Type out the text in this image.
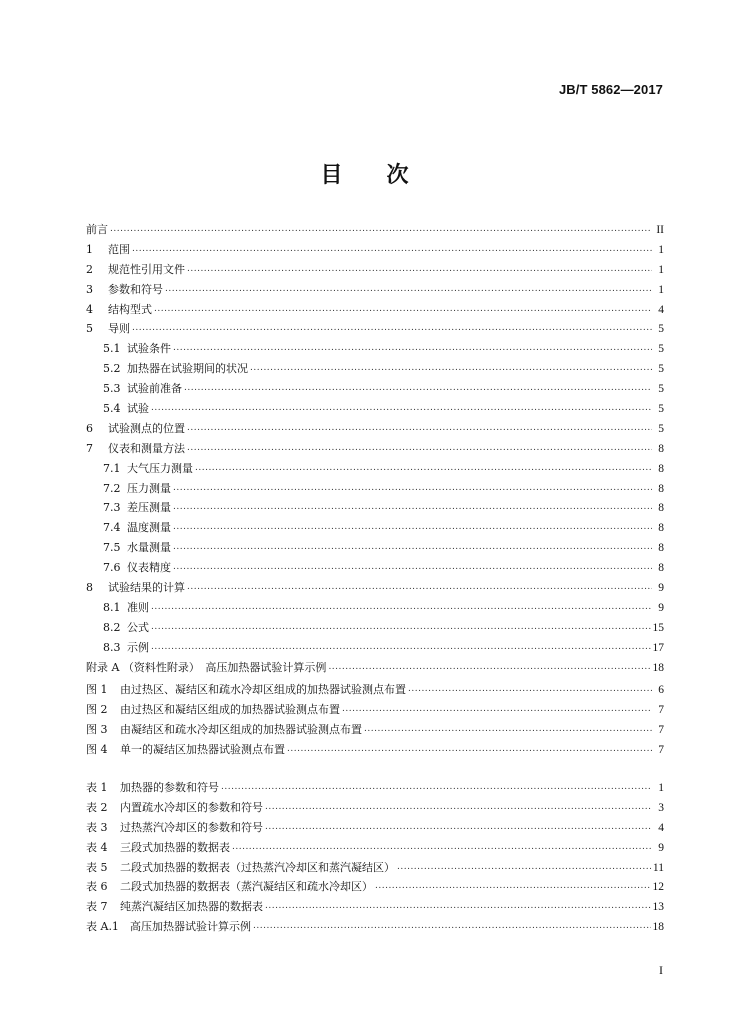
JB/T 5862—2017
目 次
前言 .....	II
1	范围 .....	1
2	规范性引用文件 .....	1
3	参数和符号 .....	1
4	结构型式 .....	4
5	导则 .....	5
5.1 试验条件 .....	5
5.2 加热器在试验期间的状况 .....	5
5.3 试验前准备 .....	5
5.4 试验 .....	5
6	试验测点的位置 .....	5
7	仪表和测量方法 .....	8
7.1 大气压力测量 .....	8
7.2 压力测量 .....	8
7.3 差压测量 .....	8
7.4 温度测量 .....	8
7.5 水量测量 .....	8
7.6 仪表精度 .....	8
8	试验结果的计算 .....	9
8.1 准则 .....	9
8.2 公式 .....	15
8.3 示例 .....	17
附录 A （资料性附录）　高压加热器试验计算示例 .....	18
图 1	由过热区、凝结区和疏水冷却区组成的加热器试验测点布置 .....	6
图 2	由过热区和凝结区组成的加热器试验测点布置 .....	7
图 3	由凝结区和疏水冷却区组成的加热器试验测点布置 .....	7
图 4	单一的凝结区加热器试验测点布置 .....	7
表 1	加热器的参数和符号 .....	1
表 2	内置疏水冷却区的参数和符号 .....	3
表 3	过热蒸汽冷却区的参数和符号 .....	4
表 4	三段式加热器的数据表 .....	9
表 5	二段式加热器的数据表（过热蒸汽冷却区和蒸汽凝结区） .....	11
表 6	二段式加热器的数据表（蒸汽凝结区和疏水冷却区） .....	12
表 7	纯蒸汽凝结区加热器的数据表 .....	13
表 A.1	高压加热器试验计算示例 .....	18
I
